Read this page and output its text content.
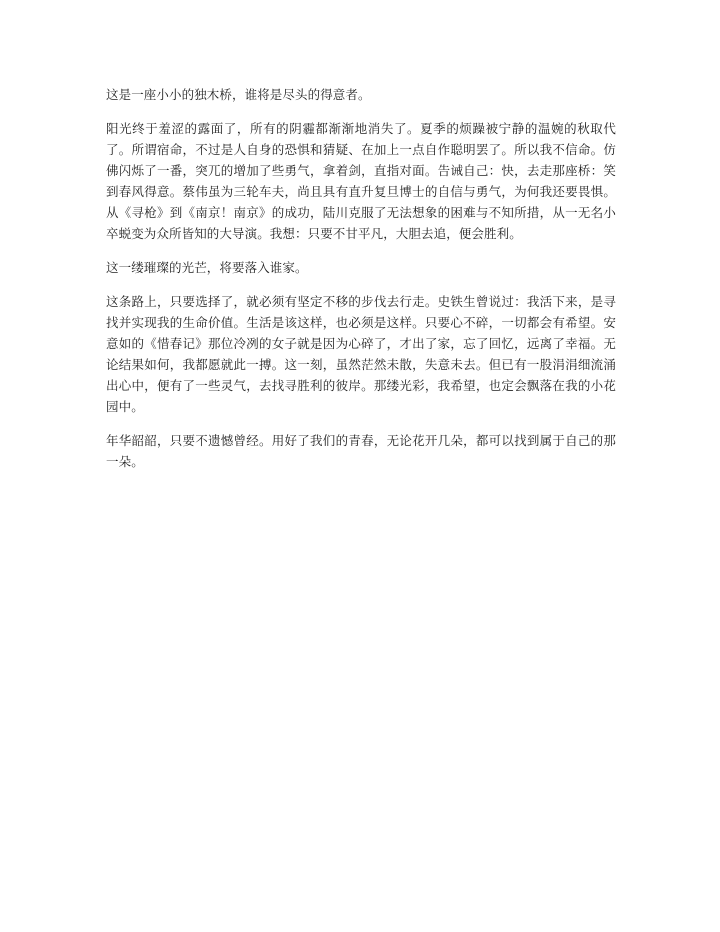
这是一座小小的独木桥，谁将是尽头的得意者。

阳光终于羞涩的露面了，所有的阴霾都渐渐地消失了。夏季的烦躁被宁静的温婉的秋取代了。所谓宿命，不过是人自身的恐惧和猜疑、在加上一点自作聪明罢了。所以我不信命。仿佛闪烁了一番，突兀的增加了些勇气，拿着剑，直指对面。告诫自己：快，去走那座桥：笑到春风得意。蔡伟虽为三轮车夫，尚且具有直升复旦博士的自信与勇气，为何我还要畏惧。从《寻枪》到《南京！南京》的成功，陆川克服了无法想象的困难与不知所措，从一无名小卒蜕变为众所皆知的大导演。我想：只要不甘平凡，大胆去追，便会胜利。

这一缕璀璨的光芒，将要落入谁家。

这条路上，只要选择了，就必须有坚定不移的步伐去行走。史铁生曾说过：我活下来，是寻找并实现我的生命价值。生活是该这样，也必须是这样。只要心不碎，一切都会有希望。安意如的《惜春记》那位冷冽的女子就是因为心碎了，才出了家，忘了回忆，远离了幸福。无论结果如何，我都愿就此一搏。这一刻，虽然茫然未散，失意未去。但已有一股涓涓细流涌出心中，便有了一些灵气，去找寻胜利的彼岸。那缕光彩，我希望，也定会飘落在我的小花园中。

年华韶韶，只要不遗憾曾经。用好了我们的青春，无论花开几朵，都可以找到属于自己的那一朵。
